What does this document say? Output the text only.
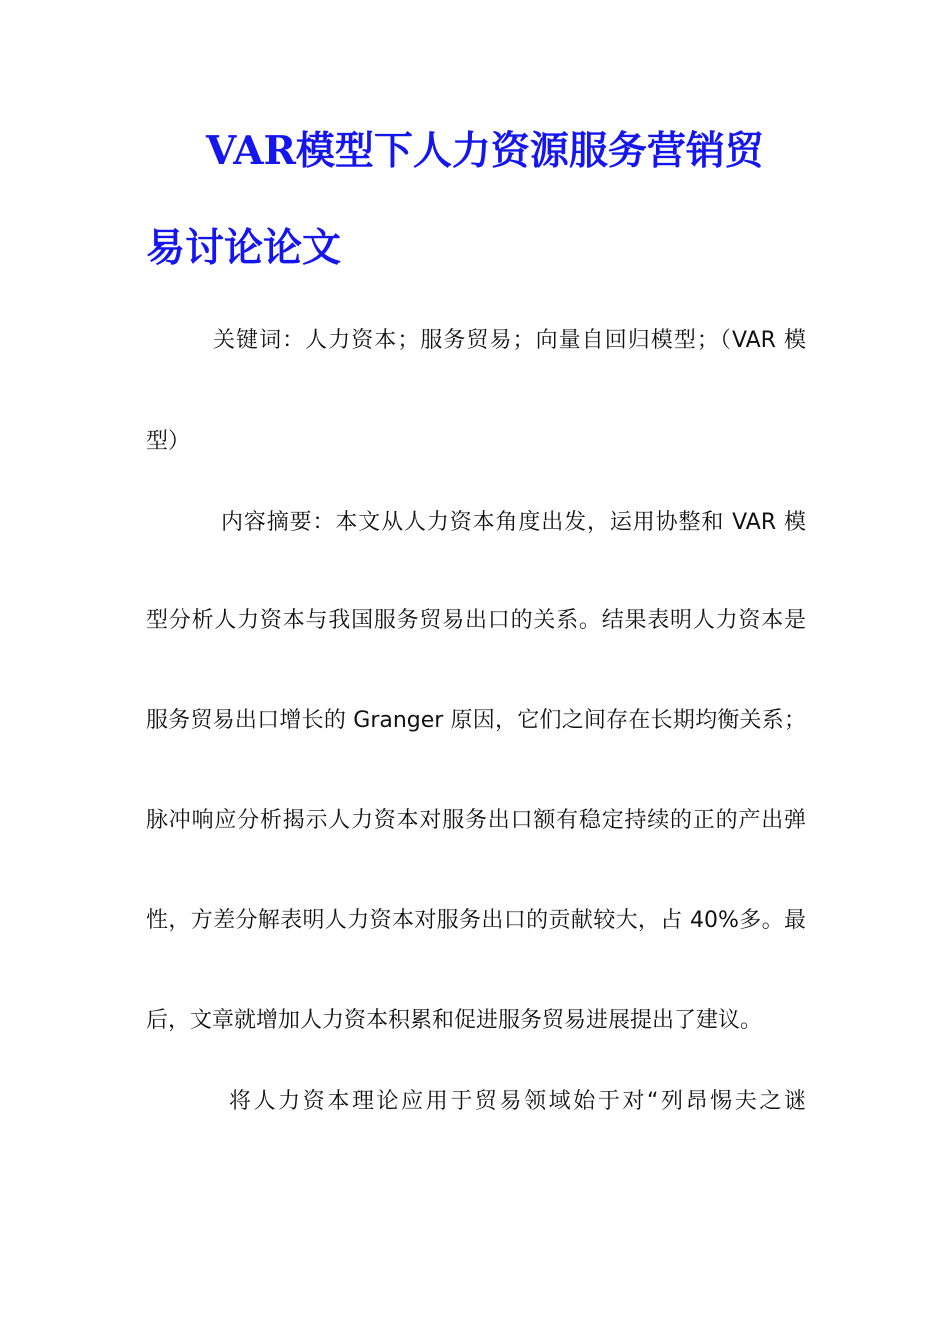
VAR模型下人力资源服务营销贸
易讨论论文

关键词：人力资本；服务贸易；向量自回归模型；（VAR 模

型）

内容摘要：本文从人力资本角度出发，运用协整和 VAR 模

型分析人力资本与我国服务贸易出口的关系。结果表明人力资本是

服务贸易出口增长的 Granger 原因，它们之间存在长期均衡关系；

脉冲响应分析揭示人力资本对服务出口额有稳定持续的正的产出弹

性，方差分解表明人力资本对服务出口的贡献较大，占 40%多。最

后，文章就增加人力资本积累和促进服务贸易进展提出了建议。

将人力资本理论应用于贸易领域始于对“列昂惕夫之谜
